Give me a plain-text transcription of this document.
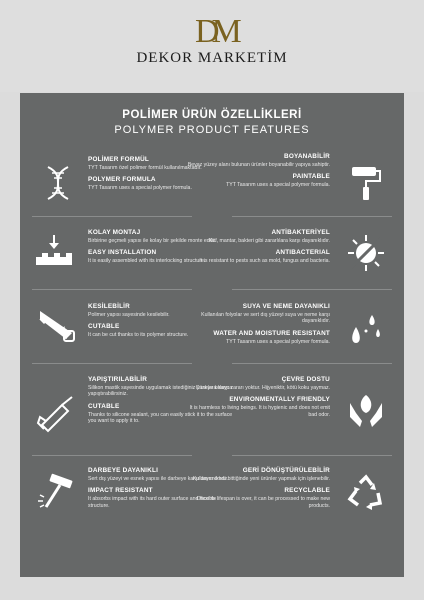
DM
DEKOR MARKETİM
POLİMER ÜRÜN ÖZELLİKLERİ
POLYMER PRODUCT FEATURES
POLİMER FORMÜL
TYT Tasarım özel polimer formül kullanılmaktadır.
POLYMER FORMULA
TYT Tasarım uses a special polymer formula.
BOYANABİLİR
Beyaz yüzey alanı bulunan ürünler boyanabilir yapıya sahiptir.
PAINTABLE
TYT Tasarım uses a special polymer formula.
KOLAY MONTAJ
Birbirine geçmeli yapısı ile kolay bir şekilde monte edilir.
EASY INSTALLATION
It is easily assembled with its interlocking structure.
ANTİBAKTERİYEL
Küf, mantar, bakteri gibi zararlılara karşı dayanıklıdır.
ANTIBACTERIAL
It is resistant to pests such as mold, fungus and bacteria.
KESİLEBİLİR
Polimer yapısı sayesinde kesilebilir.
CUTABLE
It can be cut thanks to its polymer structure.
SUYA VE NEME DAYANIKLI
Kullanılan folyolar ve sert dış yüzeyi suya ve neme karşı dayanıklıdır.
WATER AND MOISTURE RESISTANT
TYT Tasarım uses a special polymer formula.
YAPIŞTIRILABİLİR
Silikon mastik sayesinde uygulamak istediğiniz yüzeye kolayca yapıştırabilirsiniz.
CUTABLE
Thanks to silicone sealant, you can easily stick it to the surface you want to apply it to.
ÇEVRE DOSTU
Canlılara karşı zararı yoktur. Hijyeniktir, kötü koku yaymaz.
ENVIRONMENTALLY FRIENDLY
It is harmless to living beings. It is hygienic and does not emit bad odor.
DARBEYE DAYANIKLI
Sert dış yüzeyi ve esnek yapısı ile darbeye karşı dayanıklıdır.
IMPACT RESISTANT
It absorbs impact with its hard outer surface and flexible structure.
GERİ DÖNÜŞTÜRÜLEBİLİR
Kullanım ömrü bittiğinde yeni ürünler yapmak için işlenebilir.
RECYCLABLE
Once its lifespan is over, it can be processed to make new products.
